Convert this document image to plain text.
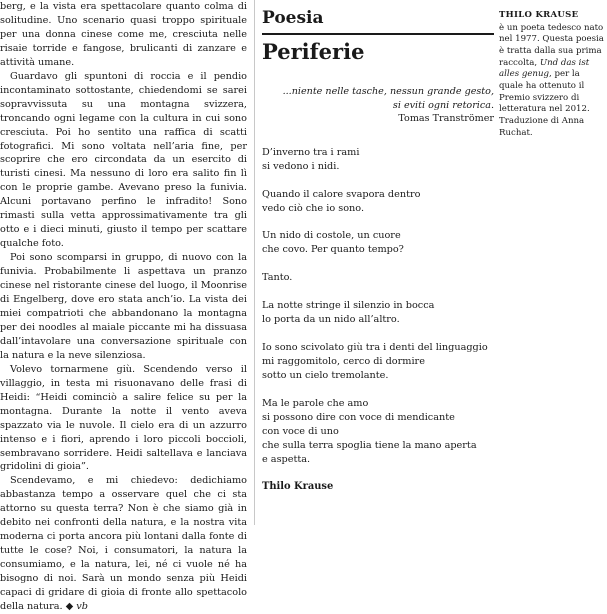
berg, e la vista era spettacolare quanto colma di solitudine. Uno scenario quasi troppo spirituale per una donna cinese come me, cresciuta nelle risaie torride e fangose, brulicanti di zanzare e attività umane.

Guardavo gli spuntoni di roccia e il pendio incontaminato sottostante, chiedendomi se sarei sopravvissuta su una montagna svizzera, troncando ogni legame con la cultura in cui sono cresciuta. Poi ho sentito una raffica di scatti fotografici. Mi sono voltata nell’aria fine, per scoprire che ero circondata da un esercito di turisti cinesi. Ma nessuno di loro era salito fin lì con le proprie gambe. Avevano preso la funivia. Alcuni portavano perfino le infradito! Sono rimasti sulla vetta approssimativamente tra gli otto e i dieci minuti, giusto il tempo per scattare qualche foto.

Poi sono scomparsi in gruppo, di nuovo con la funivia. Probabilmente li aspettava un pranzo cinese nel ristorante cinese del luogo, il Moonrise di Engelberg, dove ero stata anch’io. La vista dei miei compatrioti che abbandonano la montagna per dei noodles al maiale piccante mi ha dissuasa dall’intavolare una conversazione spirituale con la natura e la neve silenziosa.

Volevo tornarmene giù. Scendendo verso il villaggio, in testa mi risuonavano delle frasi di Heidi: “Heidi cominciò a salire felice su per la montagna. Durante la notte il vento aveva spazzato via le nuvole. Il cielo era di un azzurro intenso e i fiori, aprendo i loro piccoli boccioli, sembravano sorridere. Heidi saltellava e lanciava gridolini di gioia”.

Scendevamo, e mi chiedevo: dedichiamo abbastanza tempo a osservare quel che ci sta attorno su questa terra? Non è che siamo già in debito nei confronti della natura, e la nostra vita moderna ci porta ancora più lontani dalla fonte di tutte le cose? Noi, i consumatori, la natura la consumiamo, e la natura, lei, né ci vuole né ha bisogno di noi. Sarà un mondo senza più Heidi capaci di gridare di gioia di fronte allo spettacolo della natura. ◆ vb

Poesia
Periferie
...niente nelle tasche, nessun grande gesto,
si eviti ogni retorica.
Tomas Tranströmer
D’inverno tra i rami
si vedono i nidi.
Quando il calore svapora dentro
vedo ciò che io sono.
Un nido di costole, un cuore
che covo. Per quanto tempo?
Tanto.
La notte stringe il silenzio in bocca
lo porta da un nido all’altro.
Io sono scivolato giù tra i denti del linguaggio
mi raggomitolo, cerco di dormire
sotto un cielo tremolante.
Ma le parole che amo
si possono dire con voce di mendicante
con voce di uno
che sulla terra spoglia tiene la mano aperta
e aspetta.
Thilo Krause
THILO KRAUSE
è un poeta tedesco nato nel 1977. Questa poesia è tratta dalla sua prima raccolta, Und das ist alles genug, per la quale ha ottenuto il Premio svizzero di letteratura nel 2012. Traduzione di Anna Ruchat.
